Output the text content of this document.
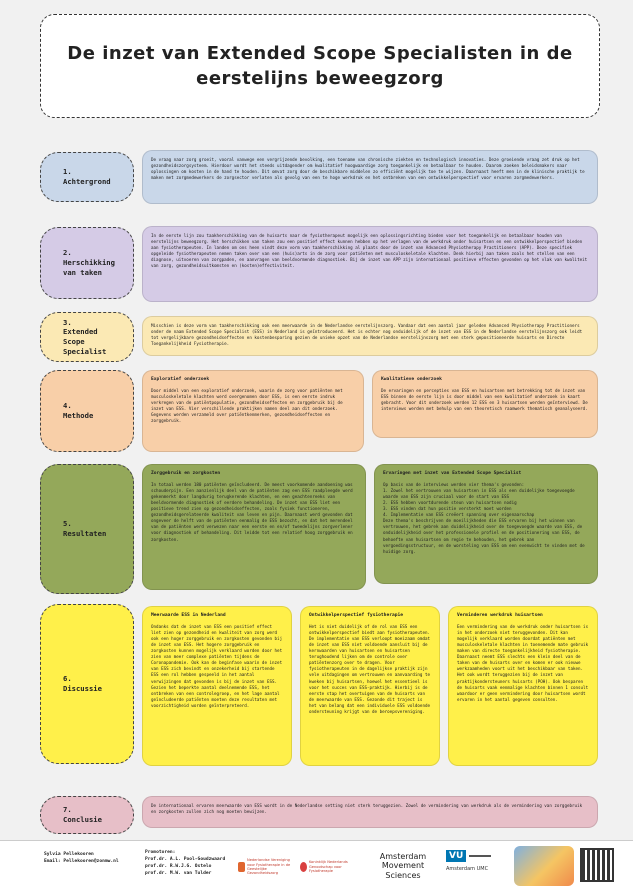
De inzet van Extended Scope Specialisten in de eerstelijns beweegzorg
1.
Achtergrond

De vraag naar zorg groeit, vooral vanwege een vergrijzende bevolking, een toename van chronische ziekten en technologisch innovaties. Deze groeiende vraag zet druk op het gezondheidszorgsysteem. Hierdoor wordt het steeds uitdagender om kwalitatief hoogwaardige zorg toegankelijk en betaalbaar te houden. Daarom zoeken beleidsmakers naar oplossingen om kosten in de hand te houden. Dit omvat zorg door de beschikbare middelen zo efficiënt mogelijk toe te wijzen. Daarnaast heeft men in de klinische praktijk te maken met zorgmedewerkers de zorgsector verlaten als gevolg van een te hoge werkdruk en het ontbreken van een ontwikkelperspectief voor ervaren zorgmedewerkers.

2.
Herschikking
van taken

In de eerste lijn zou taakherschikking van de huisarts naar de fysiotherapeut mogelijk een oplossingsrichting bieden voor het toegankelijk en betaalbaar houden van eerstelijns beweegzorg. Het herschikken van taken zou een positief effect kunnen hebben op het verlagen van de werkdruk onder huisartsen en een ontwikkelperspectief bieden aan fysiotherapeuten. In landen om ons heen vindt deze vorm van taakherschikking al plaats door de inzet van Advanced Physiotherapy Practitioners (APP). Deze specifiek opgeleide fysiotherapeuten nemen taken over van een (huis)arts in de zorg voor patiënten met musculoskeletale klachten. Denk hierbij aan taken zoals het stellen van een diagnose, uitvoeren van zorgpaden, en aanvragen van beeldvormende diagnostiek. Bij de inzet van APP zijn internationaal positieve effecten gevonden op het vlak van kwaliteit van zorg, gezondheidsuitkomsten en (kosten)effectiviteit.

3.
Extended
Scope
Specialist

Misschien is deze vorm van taakherschikking ook een meerwaarde in de Nederlandse eerstelijnszorg. Vandaar dat een aantal jaar geleden Advanced Physiotherapy Practitioners onder de naam Extended Scope Specialist (ESS) in Nederland is geïntroduceerd. Het is echter nog onduidelijk of de inzet van ESS in de Nederlandse eerstelijnszorg ook leidt tot vergelijkbare gezondheidseffecten en kostenbesparing gezien de unieke opzet van de Nederlandse eerstelijnszorg met een sterk gepositioneerde huisarts en Directe Toegankelijkheid Fysiotherapie.

4.
Methode
Exploratief onderzoek

Door middel van een exploratief onderzoek, waarin de zorg voor patiënten met musculoskeletale klachten werd overgenomen door ESS, is een eerste indruk verkregen van de patiëntpopulatie, gezondheidseffecten en zorggebruik bij de inzet van ESS. Vier verschillende praktijken namen deel aan dit onderzoek. Gegevens werden verzameld over patiëntkenmerken, gezondheidseffecten en zorggebruik.

Kwalitatieve onderzoek

De ervaringen en percepties van ESS en huisartsen met betrekking tot de inzet van ESS binnen de eerste lijn is door middel van een kwalitatief onderzoek in kaart gebracht. Voor dit onderzoek werden 12 ESS en 3 huisartsen werden geïnterviewd. De interviews werden met behulp van een theoretisch raamwerk thematisch geanalyseerd.

5.
Resultaten
Zorggebruik en zorgkosten

In totaal werden 180 patiënten geïncludeerd. De meest voorkomende aandoening was schouderpijn. Een aanzienlijk deel van de patiënten zag een ESS raadpleegde werd gekenmerkt door langdurig terugkerende klachten, en een geachtenreeks van beeldvormende diagnostiek of eerdere behandeling. De inzet van ESS liet een positieve trend zien op gezondheidseffecten, zoals fysiek functioneren, gezondheidsgerelateerde kwaliteit van leven en pijn. Daarnaast werd gevonden dat ongeveer de helft van de patiënten eenmalig de ESS bezocht, en dat het merendeel van de patiënten werd verwezen naar een eerste en en/of tweedelijns zorgverlener voor diagnostiek of behandeling. Dit leidde tot een relatief hoog zorggebruik en zorgkosten.

Ervaringen met inzet van Extended Scope Specialist

Op basis van de interviews werden vier thema's gevonden:
1. Zowel het vertrouwen van huisartsen in ESS als een duidelijke toegevoegde waarde van ESS zijn cruciaal voor de start van ESS
2. ESS hebben voortdurende steun van huisartsen nodig
3. ESS vinden dat hun positie versterkt moet worden
4. Implementatie van ESS creëert spanning over eigenaarschap
Deze thema's beschrijven de moeilijkheden die ESS ervaren bij het winnen van vertrouwen, het gebrek aan duidelijkheid over de toegevoegde waarde van ESS, de onduidelijkheid over het professionele profiel en de positionering van ESS, de behoefte van huisartsen om regie te behouden, het gebrek aan vergoedingsstructuur, en de worsteling van ESS om een evenwicht te vinden met de huidige zorg.

6.
Discussie
Meerwaarde ESS in Nederland

Ondanks dat de inzet van ESS een positief effect liet zien op gezondheid en kwaliteit van zorg werd ook een hoger zorggebruik en zorgkosten gevonden bij de inzet van ESS. Het hogere zorggebruik en zorgkosten kunnen mogelijk verklaard worden door het zien van meer complexe patiënten tijdens de Coronapandemie. Ook kan de beginfase waarin de inzet van ESS zich bevindt en onzekerheid bij startende ESS een rol hebben gespeeld in het aantal verwijzingen dat gevonden is bij de inzet van ESS. Gezien het beperkte aantal deelnemende ESS, het ontbreken van een controlegroep, en het lage aantal geïncludeerde patiënten moeten deze resultaten met voorzichtigheid worden geïnterpreteerd.

Ontwikkelperspectief fysiotherapie

Het is niet duidelijk of de rol van ESS een ontwikkelperspectief biedt aan fysiotherapeuten. De implementatie van ESS verloopt moeizaam omdat de inzet van ESS niet voldoende aansluit bij de kernwaarden van huisartsen en huisartsen terughoudend lijken om de controle over patiëntenzorg over te dragen. Voor fysiotherapeuten in de dagelijkse praktijk zijn vele uitdagingen om vertrouwen en aanvaarding te kweken bij huisartsen, hoewel het essentieel is voor het succes van ESS-praktijk. Hierbij is de eerste stap het overtuigen van de huisarts van de meerwaarde van ESS. Gezonde dit traject is het van belang dat een individuele ESS voldoende ondersteuning krijgt van de beroepsvereniging.

Verminderen werkdruk huisartsen

Een vermindering van de werkdruk onder huisartsen is in het onderzoek niet teruggevonden. Dit kan mogelijk verklaard worden doordat patiënten met musculoskeletale klachten in toenemende mate gebruik maken van directe toegankelijkheid fysiotherapie. Daarnaast neemt ESS slechts een klein deel van de taken van de huisarts over en komen er ook nieuwe werkzaamheden voort uit het beschikbaar van taken. Het ook wordt teruggezien bij de inzet van praktijkondersteuners huisarts (POH). Ook besparen de huisarts vaak eenmalige klachten binnen 1 consult waardoor er geen vermindering door huisartsen wordt ervaren in het aantal gegeven consulten.

7.
Conclusie

De internationaal ervaren meerwaarde van ESS wordt in de Nederlandse setting niet sterk teruggezien. Zowel de vermindering van werkdruk als de vermindering van zorggebruik en zorgkosten zullen zich nog moeten bewijzen.

Sylvia Pellekooren
Email: Pellekooren@zonmw.nl
Promotoren:
Prof.dr. A.L. Pool-Goudzwaard
prof.dr. R.W.J.G. Ostelo
prof.dr. M.W. van Tulder
Nederlandse Vereniging voor Fysiotherapie in de Geestelijke Gezondheidszorg
Koninklijk Nederlands Genootschap voor Fysiotherapie
Amsterdam Movement Sciences
VU
Amsterdam UMC
